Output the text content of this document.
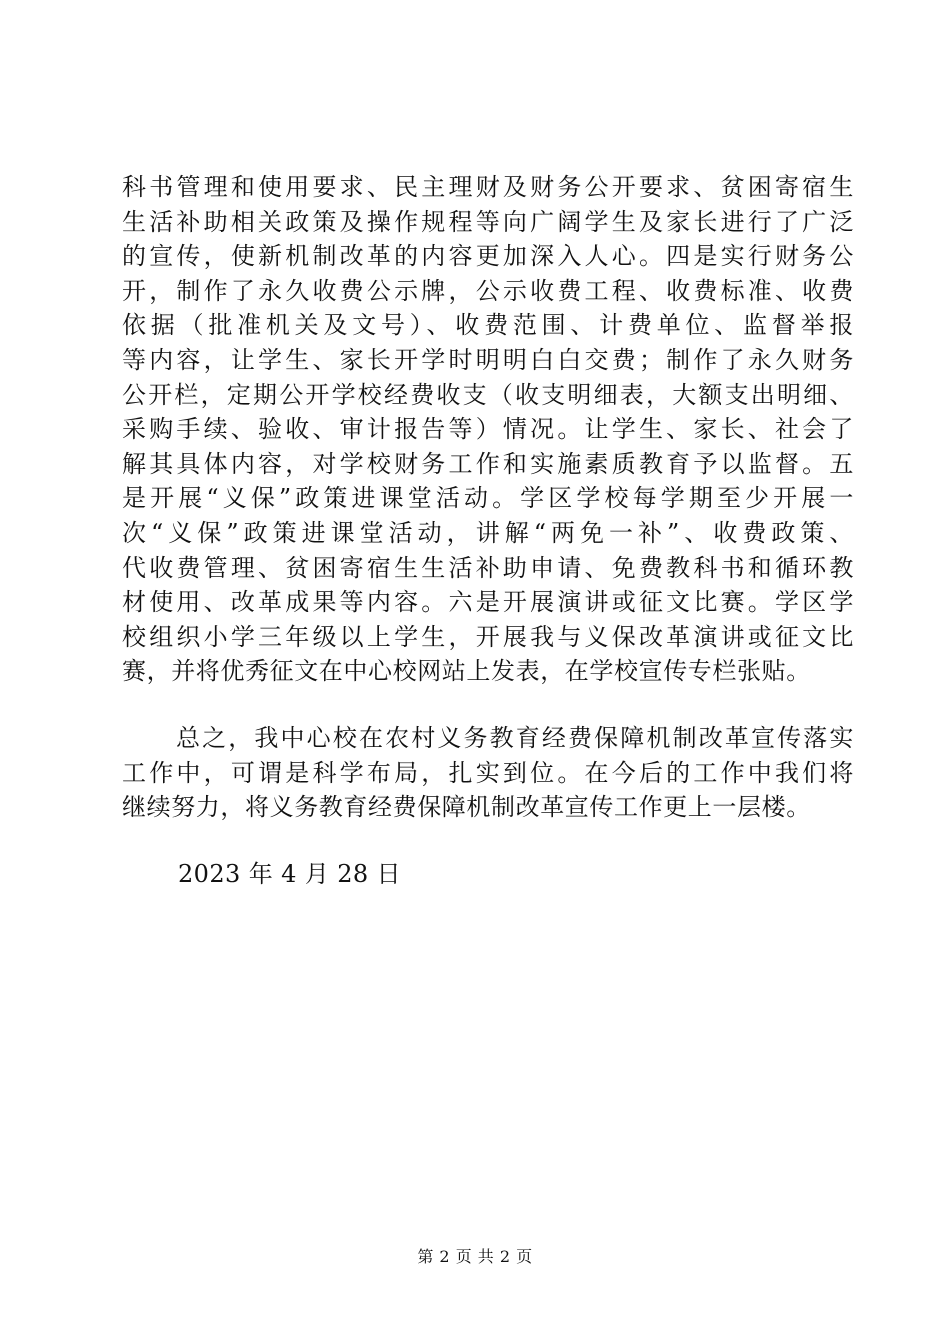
科书管理和使用要求、民主理财及财务公开要求、贫困寄宿生
生活补助相关政策及操作规程等向广阔学生及家长进行了广泛
的宣传，使新机制改革的内容更加深入人心。四是实行财务公
开，制作了永久收费公示牌，公示收费工程、收费标准、收费
依据（批准机关及文号）、收费范围、计费单位、监督举报
等内容，让学生、家长开学时明明白白交费；制作了永久财务
公开栏，定期公开学校经费收支（收支明细表，大额支出明细、
采购手续、验收、审计报告等）情况。让学生、家长、社会了
解其具体内容，对学校财务工作和实施素质教育予以监督。五
是开展“义保”政策进课堂活动。学区学校每学期至少开展一
次“义保”政策进课堂活动，讲解“两免一补”、收费政策、
代收费管理、贫困寄宿生生活补助申请、免费教科书和循环教
材使用、改革成果等内容。六是开展演讲或征文比赛。学区学
校组织小学三年级以上学生，开展我与义保改革演讲或征文比
赛，并将优秀征文在中心校网站上发表，在学校宣传专栏张贴。

总之，我中心校在农村义务教育经费保障机制改革宣传落实
工作中，可谓是科学布局，扎实到位。在今后的工作中我们将
继续努力，将义务教育经费保障机制改革宣传工作更上一层楼。

2023 年 4 月 28 日

第 2 页 共 2 页
